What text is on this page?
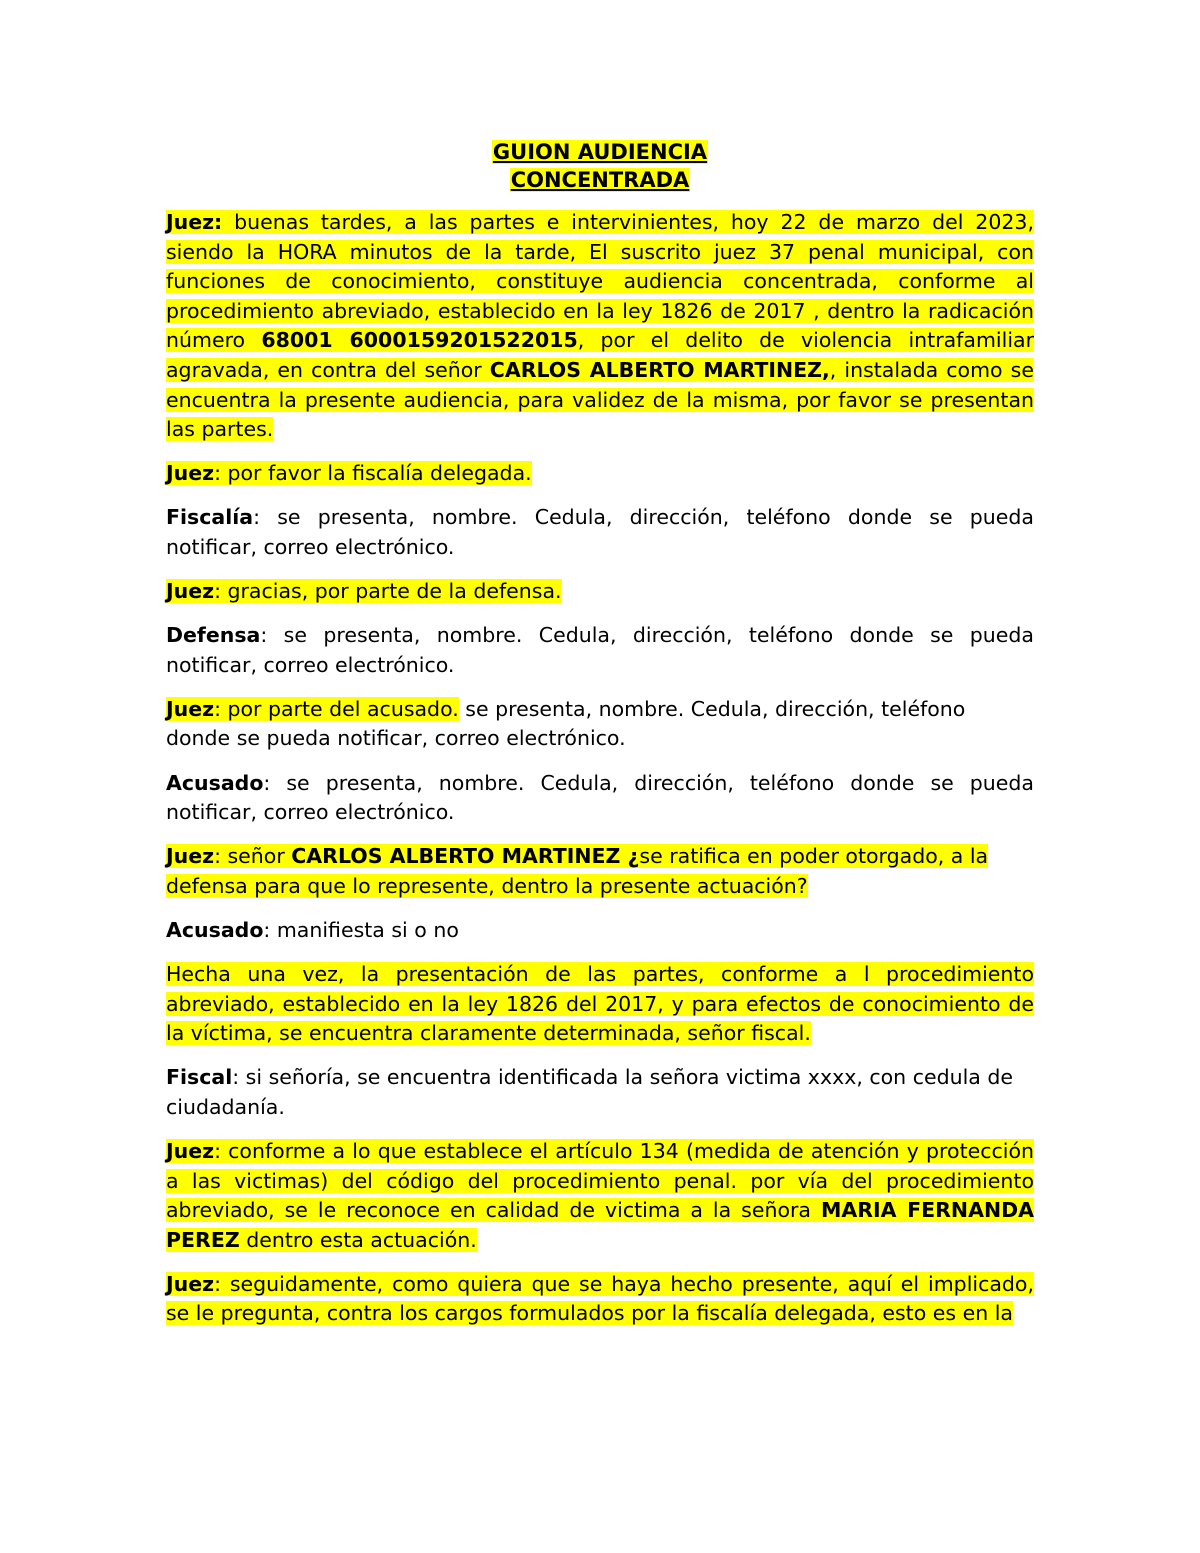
GUION AUDIENCIA
CONCENTRADA

Juez: buenas tardes, a las partes e intervinientes, hoy 22 de marzo del 2023, siendo la HORA minutos de la tarde, El suscrito juez 37 penal municipal, con funciones de conocimiento, constituye audiencia concentrada, conforme al procedimiento abreviado, establecido en la ley 1826 de 2017 , dentro la radicación número 68001 6000159201522015, por el delito de violencia intrafamiliar agravada, en contra del señor CARLOS ALBERTO MARTINEZ,, instalada como se encuentra la presente audiencia, para validez de la misma, por favor se presentan las partes.

Juez: por favor la fiscalía delegada.

Fiscalía: se presenta, nombre. Cedula, dirección, teléfono donde se pueda notificar, correo electrónico.

Juez: gracias, por parte de la defensa.

Defensa: se presenta, nombre. Cedula, dirección, teléfono donde se pueda notificar, correo electrónico.

Juez: por parte del acusado. se presenta, nombre. Cedula, dirección, teléfono donde se pueda notificar, correo electrónico.

Acusado: se presenta, nombre. Cedula, dirección, teléfono donde se pueda notificar, correo electrónico.

Juez: señor CARLOS ALBERTO MARTINEZ ¿se ratifica en poder otorgado, a la defensa para que lo represente, dentro la presente actuación?

Acusado: manifiesta si o no

Hecha una vez, la presentación de las partes, conforme a l procedimiento abreviado, establecido en la ley 1826 del 2017, y para efectos de conocimiento de la víctima, se encuentra claramente determinada, señor fiscal.

Fiscal: si señoría, se encuentra identificada la señora victima xxxx, con cedula de ciudadanía.

Juez: conforme a lo que establece el artículo 134 (medida de atención y protección a las victimas) del código del procedimiento penal. por vía del procedimiento abreviado, se le reconoce en calidad de victima a la señora MARIA FERNANDA PEREZ dentro esta actuación.

Juez: seguidamente, como quiera que se haya hecho presente, aquí el implicado, se le pregunta, contra los cargos formulados por la fiscalía delegada, esto es en la
